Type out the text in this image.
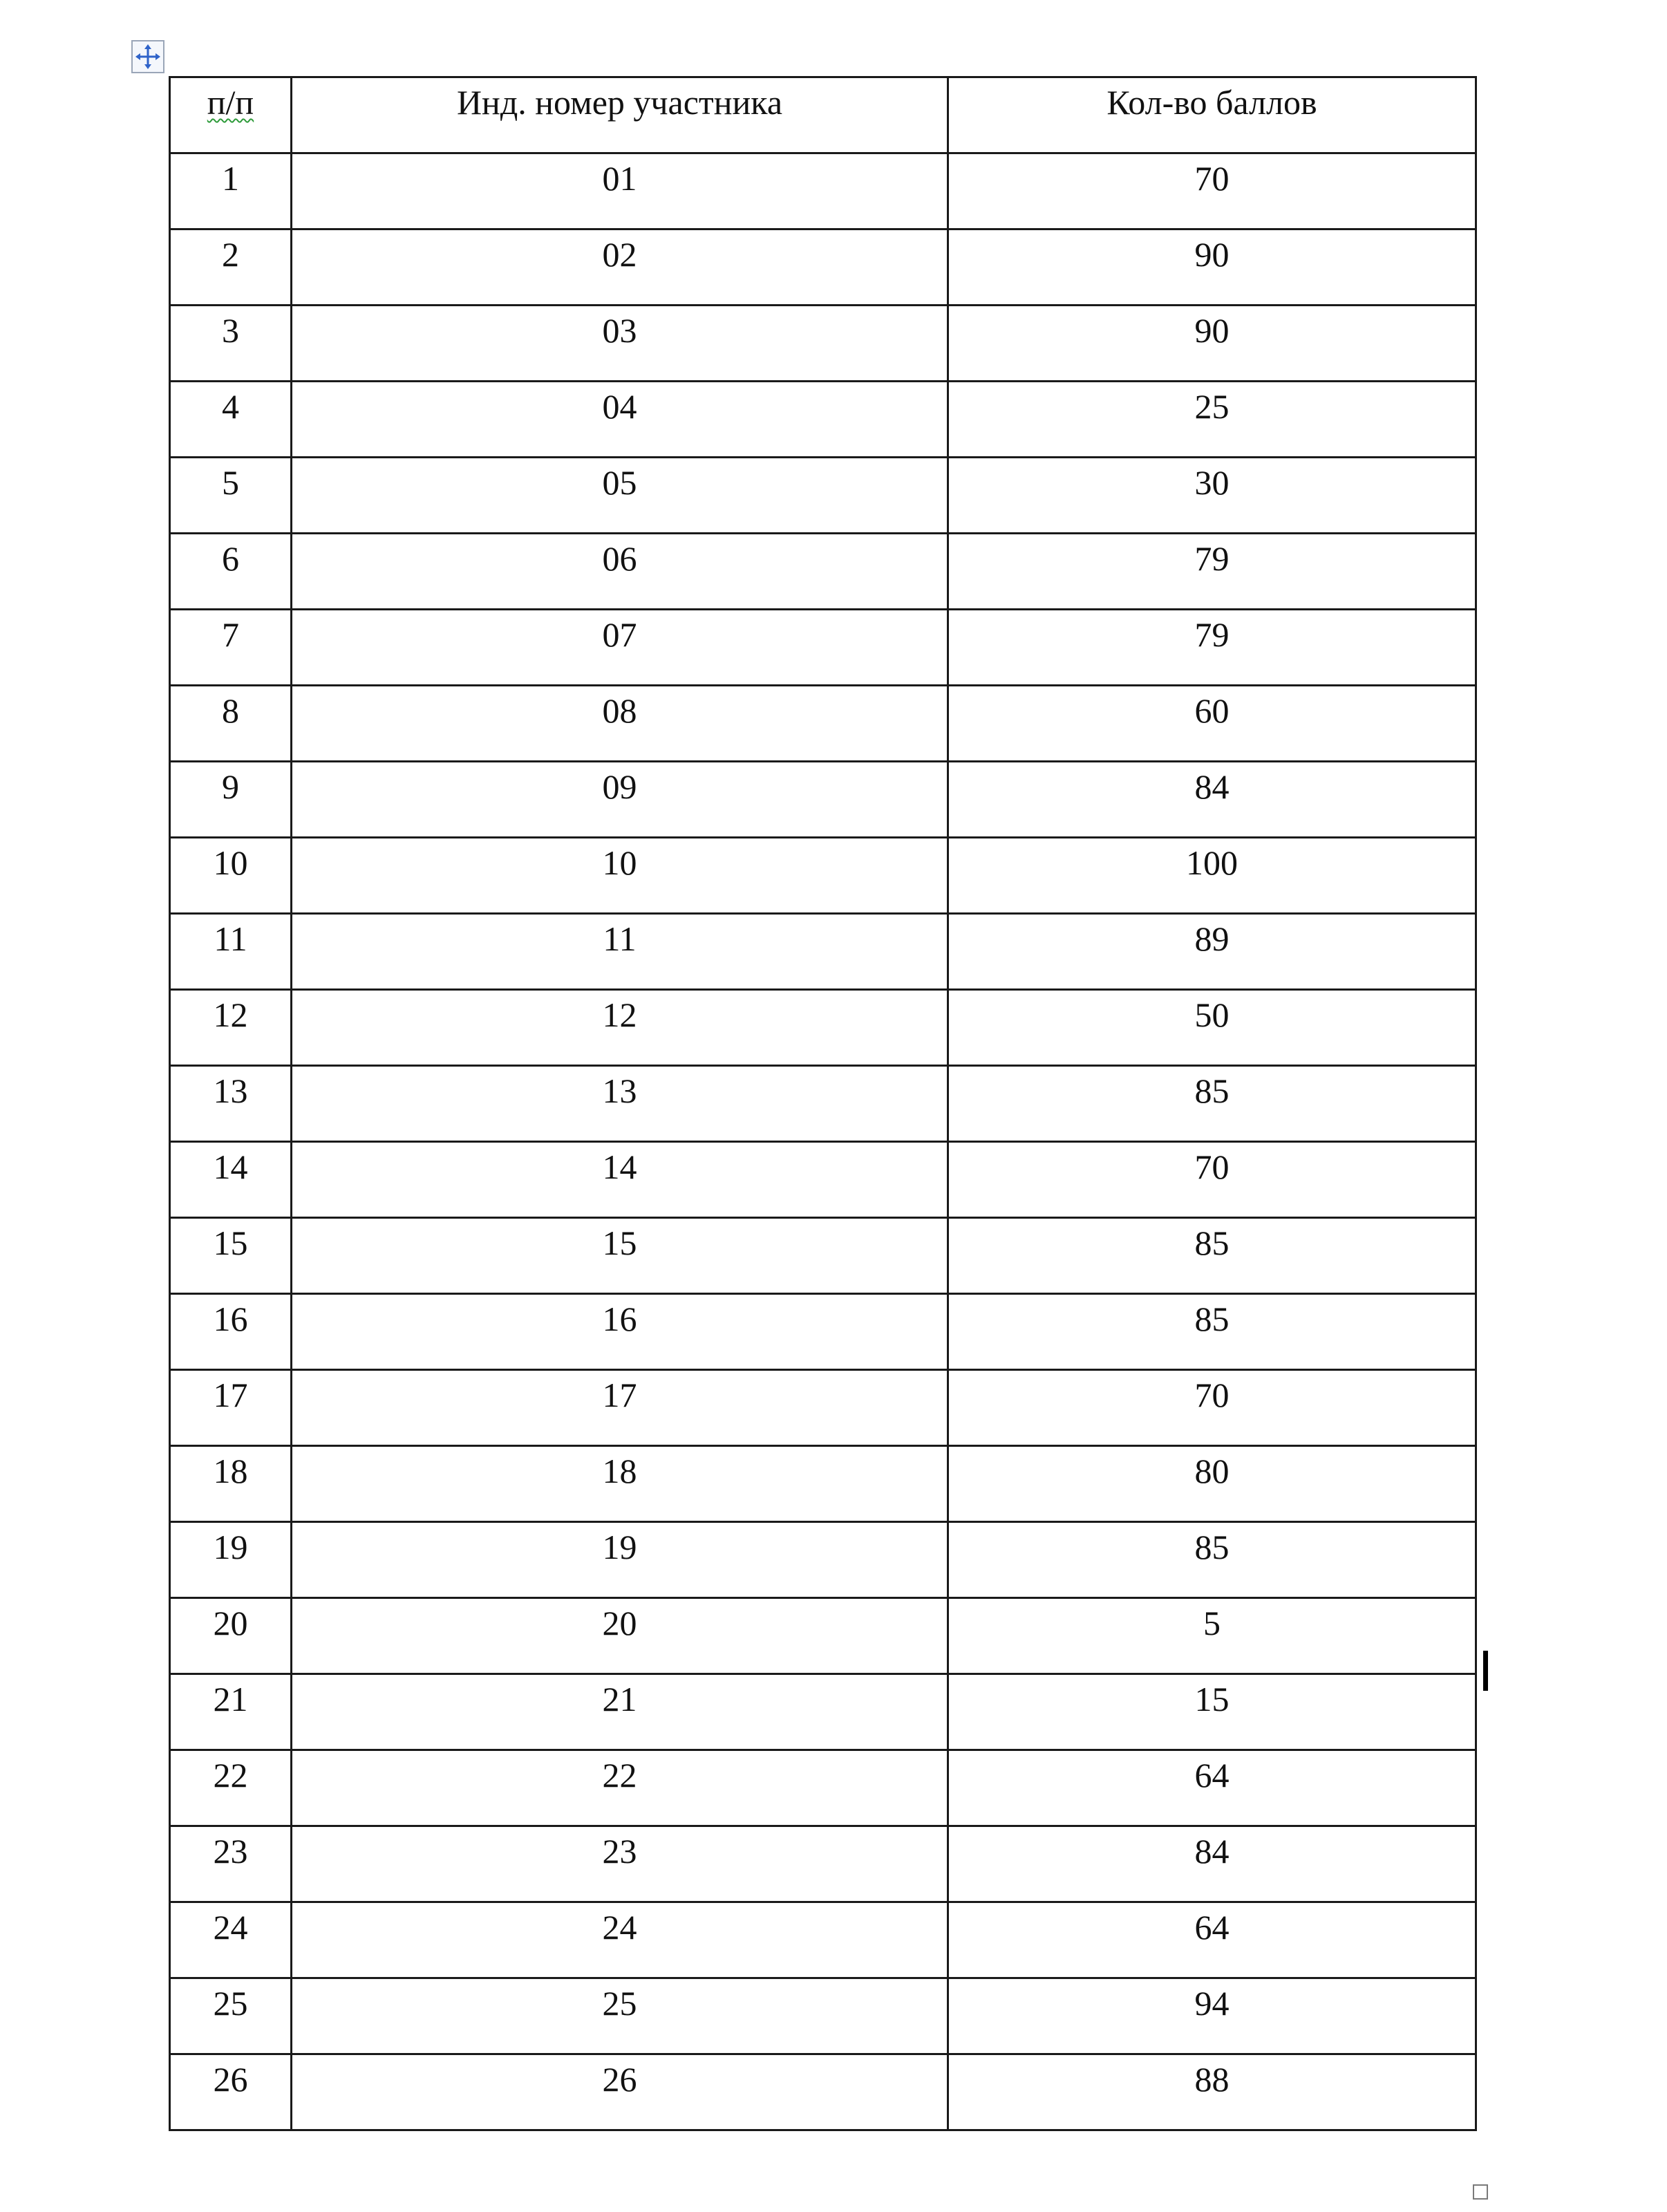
п/п	Инд. номер участника	Кол-во баллов
1	01	70
2	02	90
3	03	90
4	04	25
5	05	30
6	06	79
7	07	79
8	08	60
9	09	84
10	10	100
11	11	89
12	12	50
13	13	85
14	14	70
15	15	85
16	16	85
17	17	70
18	18	80
19	19	85
20	20	5
21	21	15
22	22	64
23	23	84
24	24	64
25	25	94
26	26	88
